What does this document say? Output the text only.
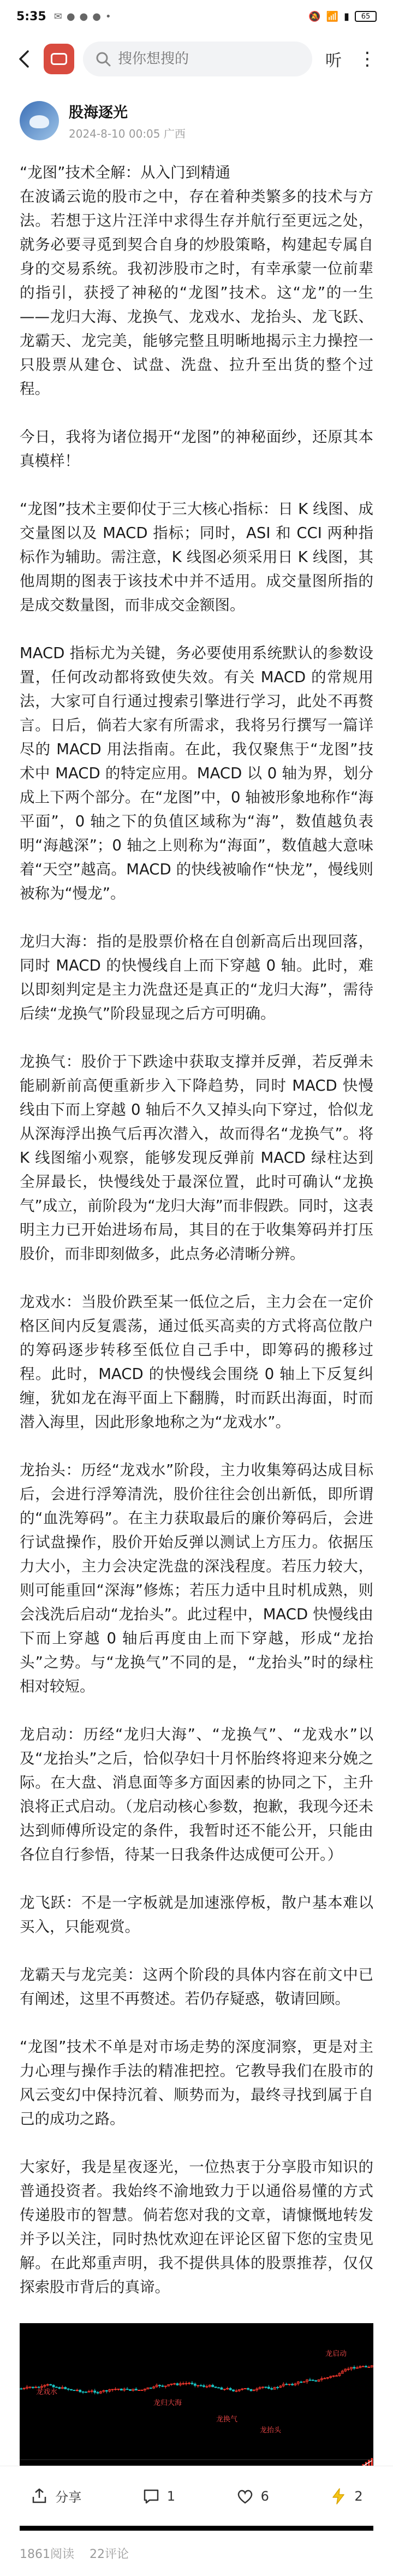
5:35 ✉ ● ● ● •	🔕 📶 ▮ 65
搜你想搜的
听 ⋮
股海逐光
2024-8-10 00:05 广西

“龙图”技术全解：从入门到精通
在波谲云诡的股市之中，存在着种类繁多的技术与方法。若想于这片汪洋中求得生存并航行至更远之处，就务必要寻觅到契合自身的炒股策略，构建起专属自身的交易系统。我初涉股市之时，有幸承蒙一位前辈的指引，获授了神秘的“龙图”技术。这“龙”的一生——龙归大海、龙换气、龙戏水、龙抬头、龙飞跃、龙霸天、龙完美，能够完整且明晰地揭示主力操控一只股票从建仓、试盘、洗盘、拉升至出货的整个过程。

今日，我将为诸位揭开“龙图”的神秘面纱，还原其本真模样！

“龙图”技术主要仰仗于三大核心指标：日 K 线图、成交量图以及 MACD 指标；同时，ASI 和 CCI 两种指标作为辅助。需注意，K 线图必须采用日 K 线图，其他周期的图表于该技术中并不适用。成交量图所指的是成交数量图，而非成交金额图。

MACD 指标尤为关键，务必要使用系统默认的参数设置，任何改动都将致使失效。有关 MACD 的常规用法，大家可自行通过搜索引擎进行学习，此处不再赘言。日后，倘若大家有所需求，我将另行撰写一篇详尽的 MACD 用法指南。在此，我仅聚焦于“龙图”技术中 MACD 的特定应用。MACD 以 0 轴为界，划分成上下两个部分。在“龙图”中，0 轴被形象地称作“海平面”，0 轴之下的负值区域称为“海”，数值越负表明“海越深”；0 轴之上则称为“海面”，数值越大意味着“天空”越高。MACD 的快线被喻作“快龙”，慢线则被称为“慢龙”。

龙归大海：指的是股票价格在自创新高后出现回落，同时 MACD 的快慢线自上而下穿越 0 轴。此时，难以即刻判定是主力洗盘还是真正的“龙归大海”，需待后续“龙换气”阶段显现之后方可明确。

龙换气：股价于下跌途中获取支撑并反弹，若反弹未能刷新前高便重新步入下降趋势，同时 MACD 快慢线由下而上穿越 0 轴后不久又掉头向下穿过，恰似龙从深海浮出换气后再次潜入，故而得名“龙换气”。将 K 线图缩小观察，能够发现反弹前 MACD 绿柱达到全屏最长，快慢线处于最深位置，此时可确认“龙换气”成立，前阶段为“龙归大海”而非假跌。同时，这表明主力已开始进场布局，其目的在于收集筹码并打压股价，而非即刻做多，此点务必清晰分辨。

龙戏水：当股价跌至某一低位之后，主力会在一定价格区间内反复震荡，通过低买高卖的方式将高位散户的筹码逐步转移至低位自己手中，即筹码的搬移过程。此时，MACD 的快慢线会围绕 0 轴上下反复纠缠，犹如龙在海平面上下翻腾，时而跃出海面，时而潜入海里，因此形象地称之为“龙戏水”。

龙抬头：历经“龙戏水”阶段，主力收集筹码达成目标后，会进行浮筹清洗，股价往往会创出新低，即所谓的“血洗筹码”。在主力获取最后的廉价筹码后，会进行试盘操作，股价开始反弹以测试上方压力。依据压力大小，主力会决定洗盘的深浅程度。若压力较大，则可能重回“深海”修炼；若压力适中且时机成熟，则会浅洗后启动“龙抬头”。此过程中，MACD 快慢线由下而上穿越 0 轴后再度由上而下穿越，形成“龙抬头”之势。与“龙换气”不同的是，“龙抬头”时的绿柱相对较短。

龙启动：历经“龙归大海”、“龙换气”、“龙戏水”以及“龙抬头”之后，恰似孕妇十月怀胎终将迎来分娩之际。在大盘、消息面等多方面因素的协同之下，主升浪将正式启动。（龙启动核心参数，抱歉，我现今还未达到师傅所设定的条件，我暂时还不能公开，只能由各位自行参悟，待某一日我条件达成便可公开。）

龙飞跃：不是一字板就是加速涨停板，散户基本难以买入，只能观赏。

龙霸天与龙完美：这两个阶段的具体内容在前文中已有阐述，这里不再赘述。若仍存疑惑，敬请回顾。

“龙图”技术不单是对市场走势的深度洞察，更是对主力心理与操作手法的精准把控。它教导我们在股市的风云变幻中保持沉着、顺势而为，最终寻找到属于自己的成功之路。

大家好，我是星夜逐光，一位热衷于分享股市知识的普通投资者。我始终不渝地致力于以通俗易懂的方式传递股市的智慧。倘若您对我的文章，请慷慨地转发并予以关注，同时热忱欢迎在评论区留下您的宝贵见解。在此郑重声明，我不提供具体的股票推荐，仅仅探索股市背后的真谛。

龙戏水
龙归大海
龙换气
龙抬头
龙启动
1861阅读 22评论
分享	1	6	2
